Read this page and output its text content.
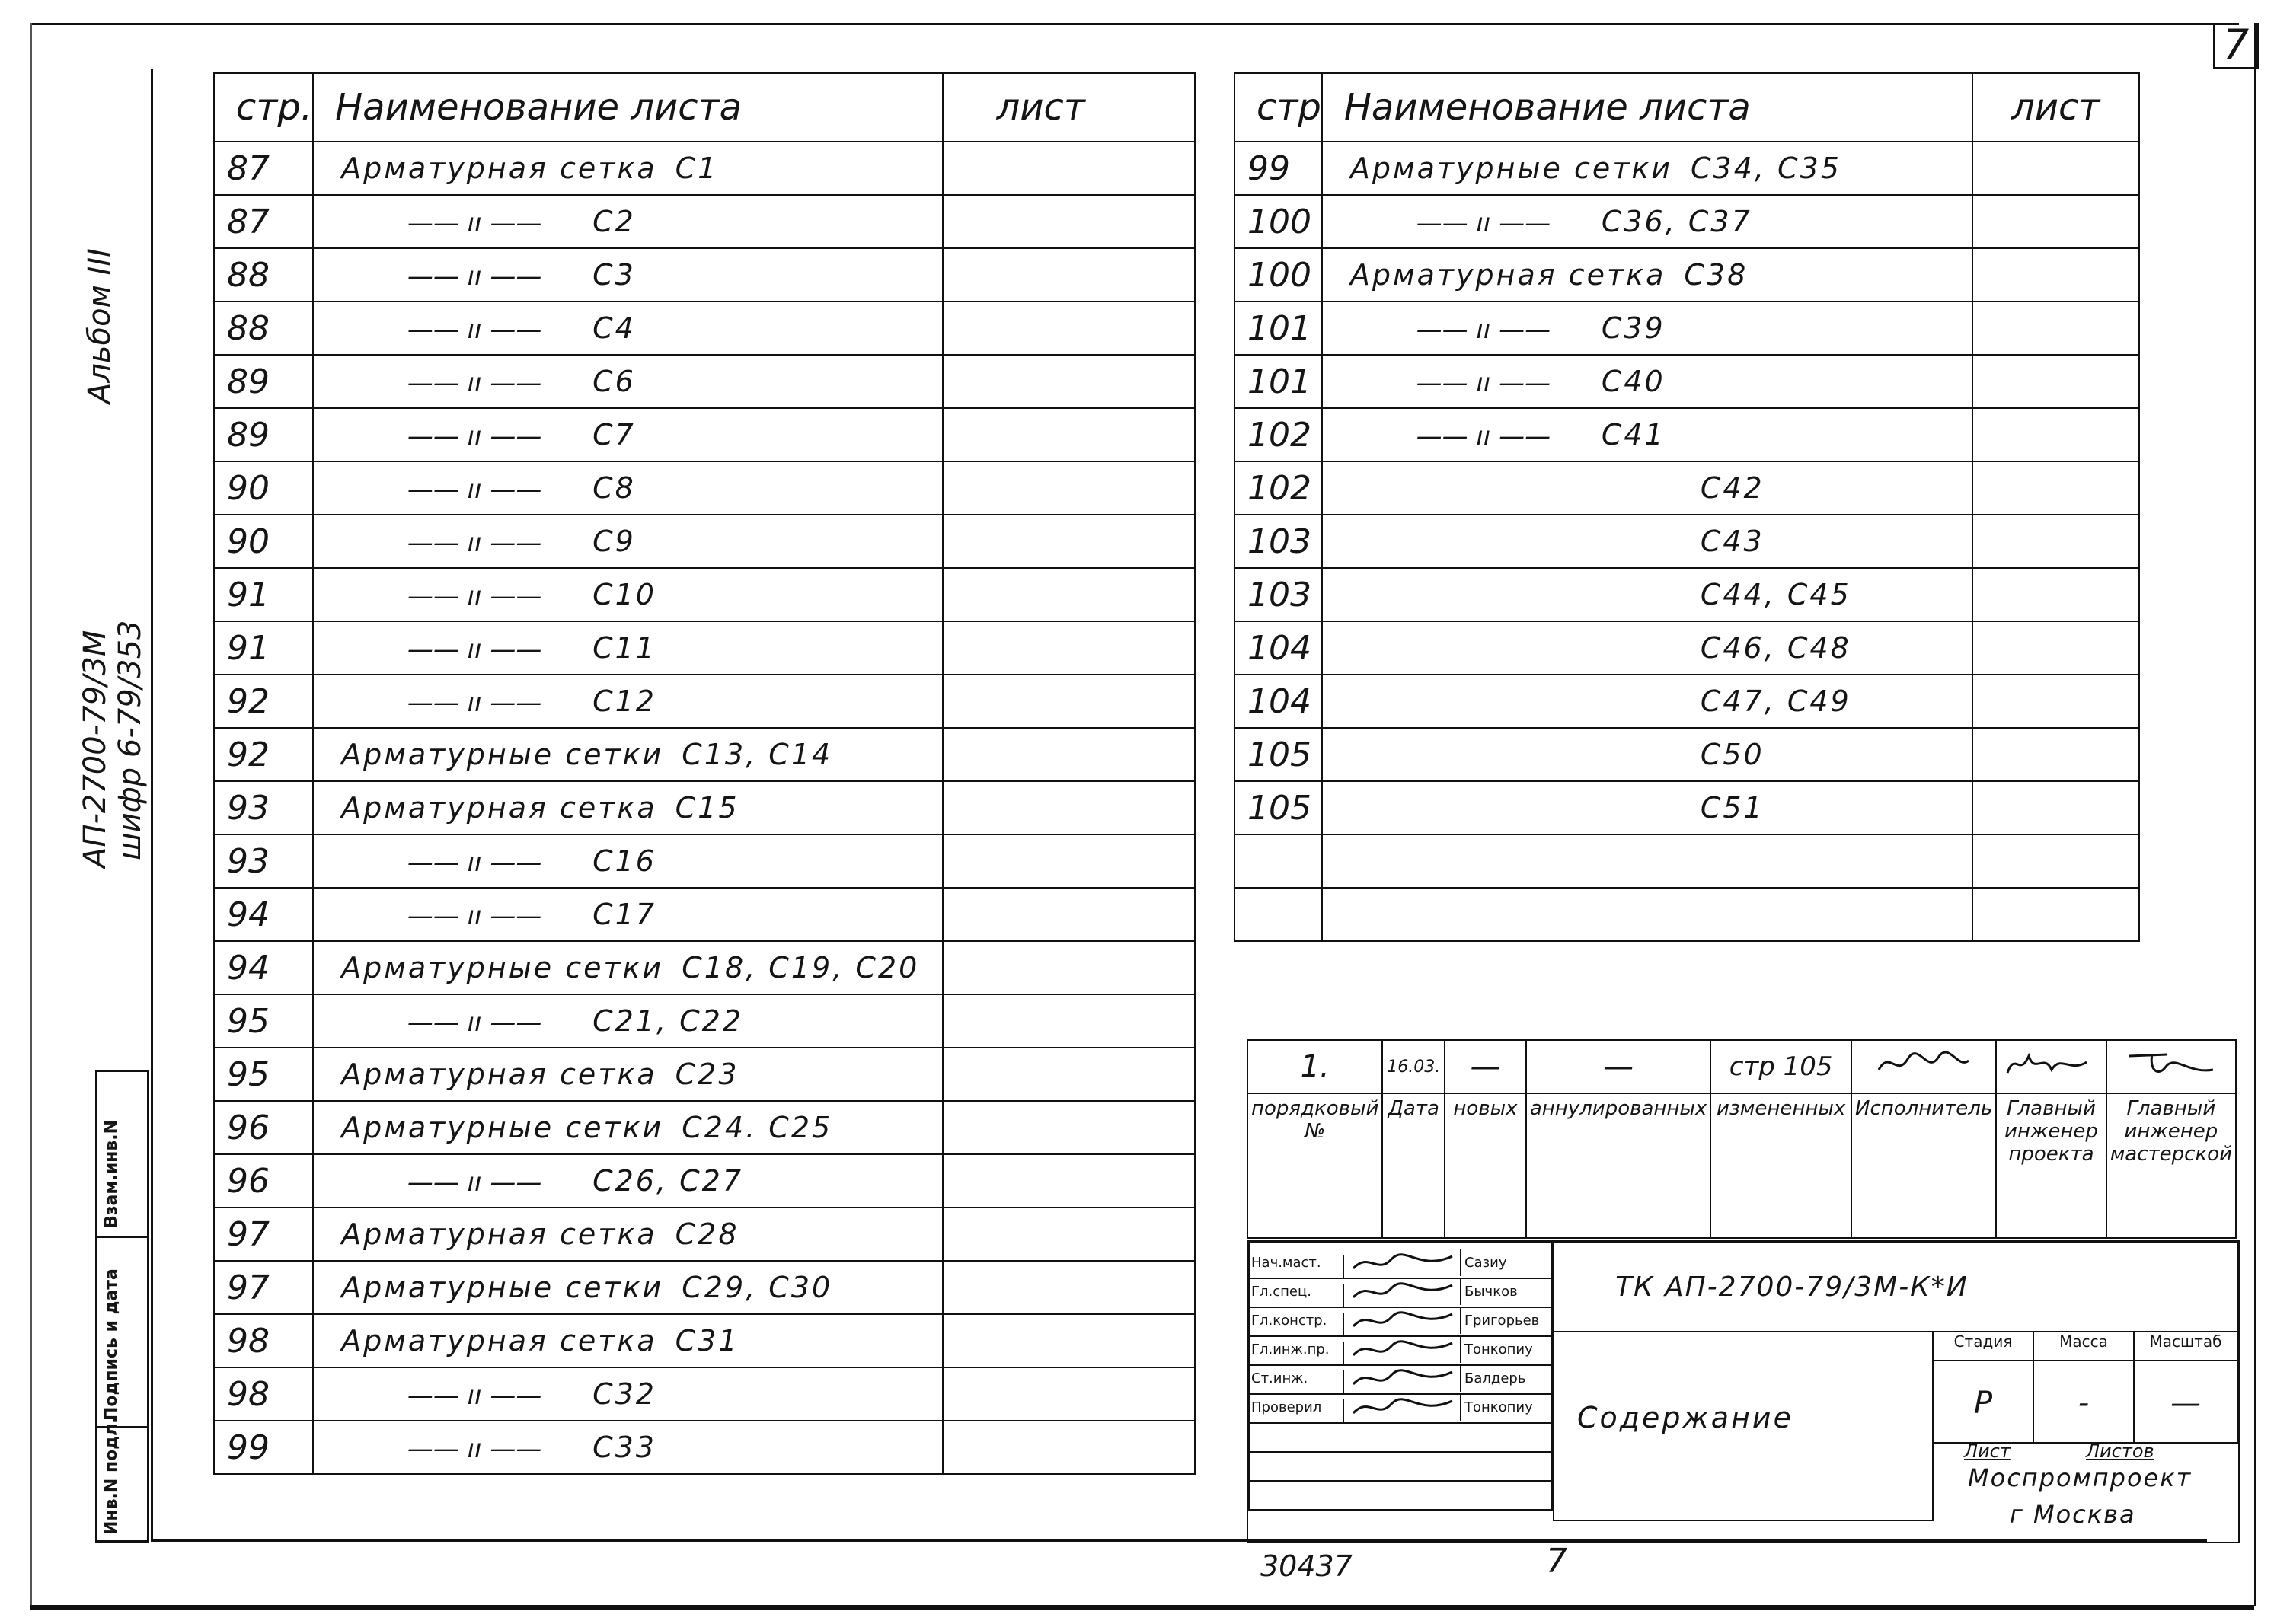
7
Альбом III
АП-2700-79/3М шифр 6-79/353
Взам.инв.N
Подпись и дата
Инв.N подл.
стр.	Наименование листа	лист
87	Арматурная сетка С1	
87	—— ıı —— С2	
88	—— ıı —— С3	
88	—— ıı —— С4	
89	—— ıı —— С6	
89	—— ıı —— С7	
90	—— ıı —— С8	
90	—— ıı —— С9	
91	—— ıı —— С10	
91	—— ıı —— С11	
92	—— ıı —— С12	
92	Арматурные сетки С13, С14	
93	Арматурная сетка С15	
93	—— ıı —— С16	
94	—— ıı —— С17	
94	Арматурные сетки С18, С19, С20	
95	—— ıı —— С21, С22	
95	Арматурная сетка С23	
96	Арматурные сетки С24. С25	
96	—— ıı —— С26, С27	
97	Арматурная сетка С28	
97	Арматурные сетки С29, С30	
98	Арматурная сетка С31	
98	—— ıı —— С32	
99	—— ıı —— С33	
стр	Наименование листа	лист
99	Арматурные сетки С34, С35	
100	—— ıı —— С36, С37	
100	Арматурная сетка С38	
101	—— ıı —— С39	
101	—— ıı —— С40	
102	—— ıı —— С41	
102	С42	
103	С43	
103	С44, С45	
104	С46, С48	
104	С47, С49	
105	С50	
105	С51	

1.	16.03.	—	—	стр 105			
порядковый №	Дата	новых	аннулированных	измененных	Исполнитель	Главный инженер проекта	Главный инженер мастерской
Нач.маст.	Сазиу
Гл.спец.	Бычков
Гл.констр.	Григорьев
Гл.инж.пр.	Тонкопиу
Ст.инж.	Балдерь
Проверил	Тонкопиу
ТК АП-2700-79/3М-К*И
Содержание
Стадия	Масса	Масштаб
Р	-	—
Лист	Листов
Моспромпроект
г Москва
30437	7
